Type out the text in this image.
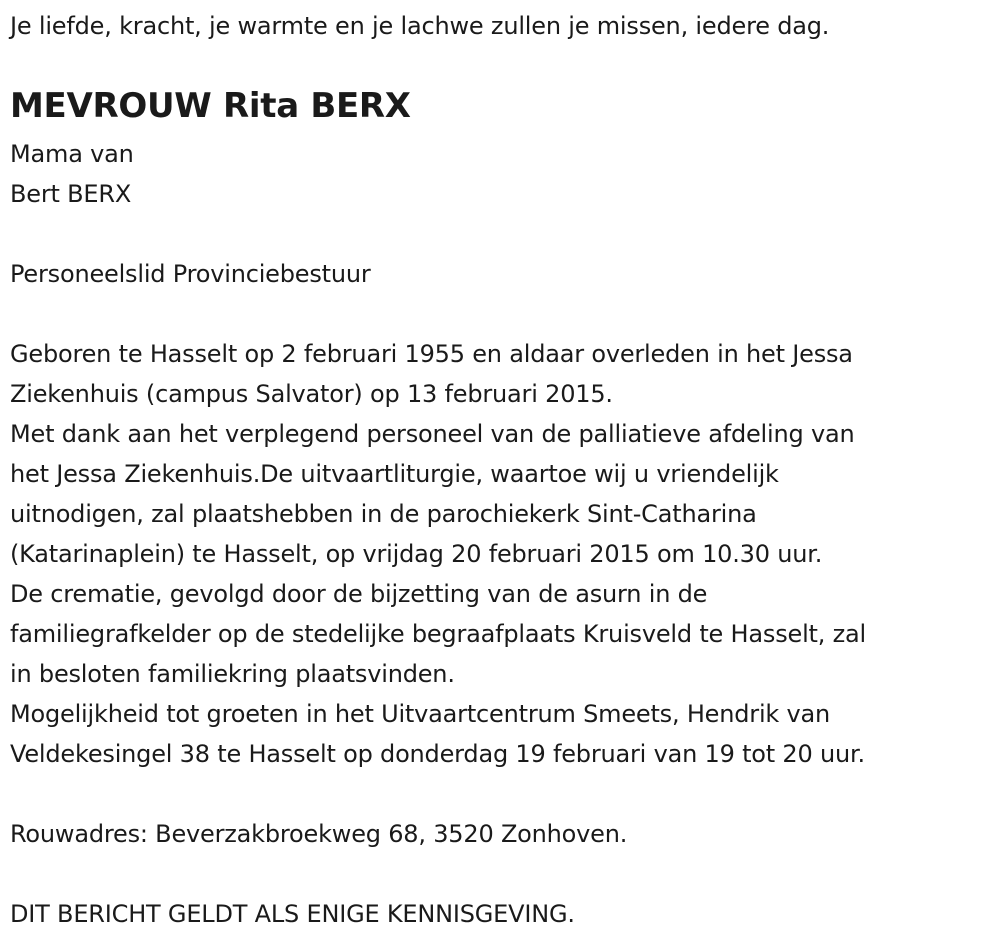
Je liefde, kracht, je warmte en je lachwe zullen je missen, iedere dag.
MEVROUW Rita BERX
Mama van
Bert BERX
Personeelslid Provinciebestuur
Geboren te Hasselt op 2 februari 1955 en aldaar overleden in het Jessa
Ziekenhuis (campus Salvator) op 13 februari 2015.
Met dank aan het verplegend personeel van de palliatieve afdeling van
het Jessa Ziekenhuis.De uitvaartliturgie, waartoe wij u vriendelijk
uitnodigen, zal plaatshebben in de parochiekerk Sint-Catharina
(Katarinaplein) te Hasselt, op vrijdag 20 februari 2015 om 10.30 uur.
De crematie, gevolgd door de bijzetting van de asurn in de
familiegrafkelder op de stedelijke begraafplaats Kruisveld te Hasselt, zal
in besloten familiekring plaatsvinden.
Mogelijkheid tot groeten in het Uitvaartcentrum Smeets, Hendrik van
Veldekesingel 38 te Hasselt op donderdag 19 februari van 19 tot 20 uur.
Rouwadres: Beverzakbroekweg 68, 3520 Zonhoven.
DIT BERICHT GELDT ALS ENIGE KENNISGEVING.
